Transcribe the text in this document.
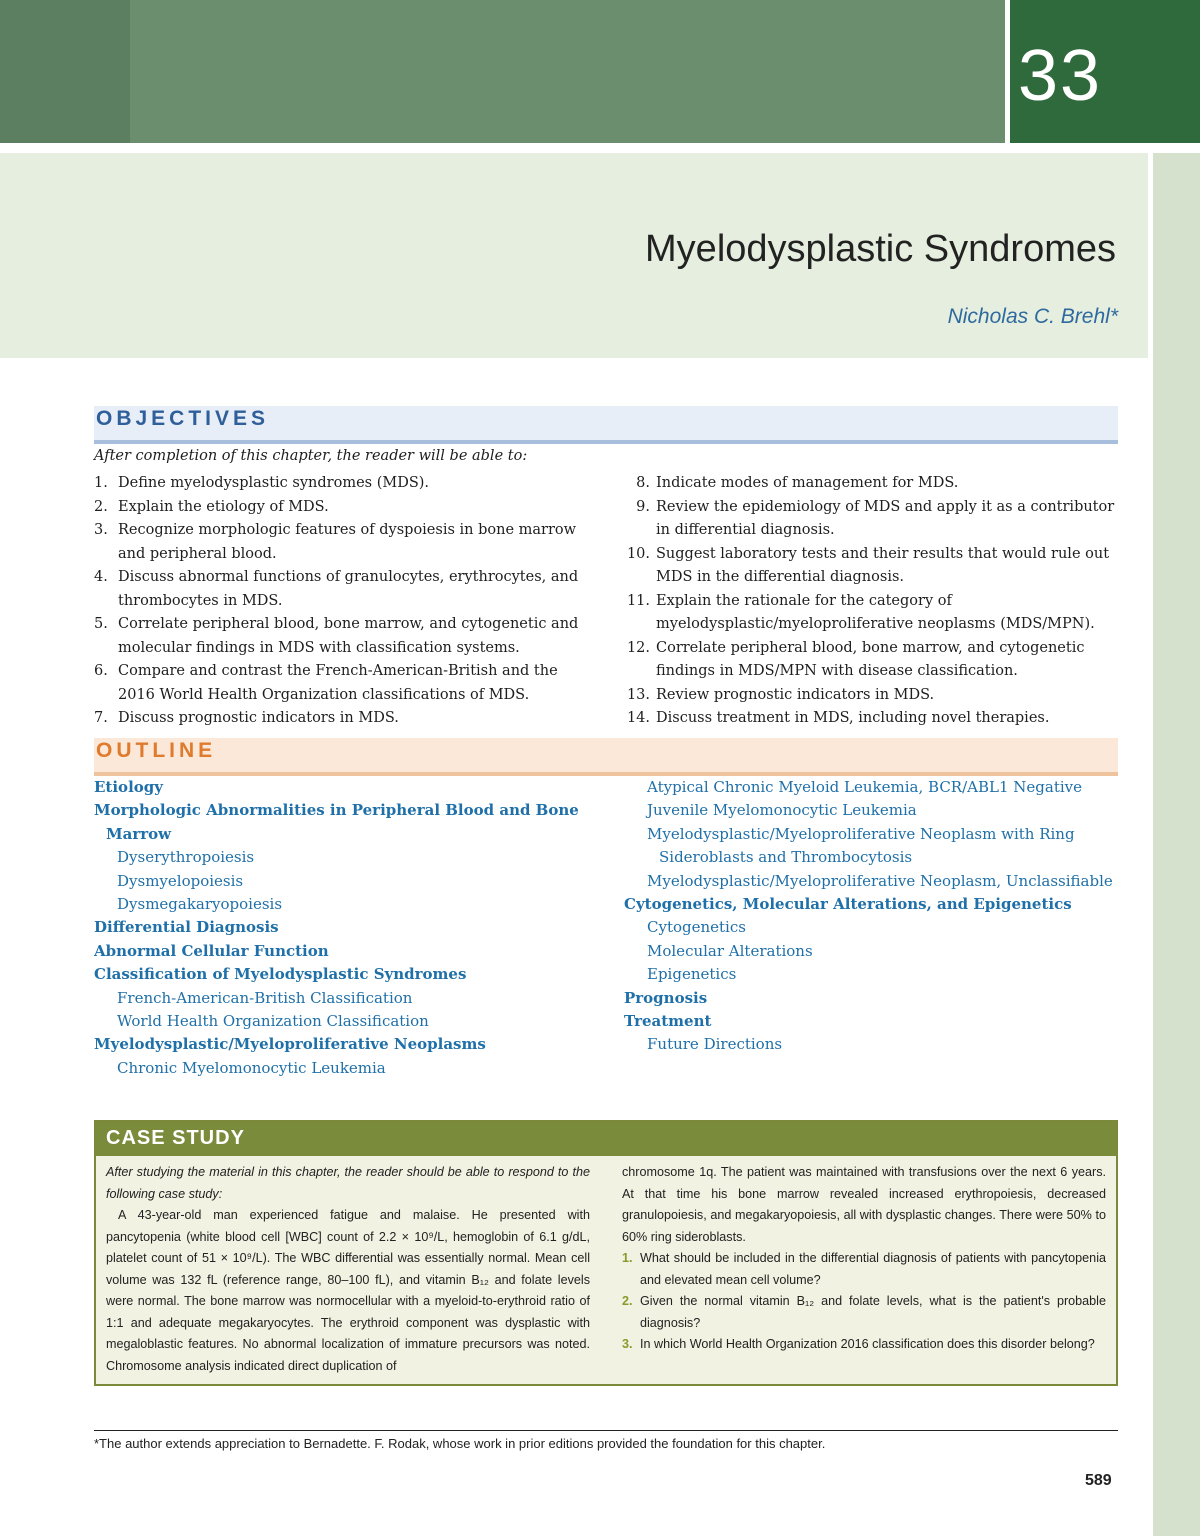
33
Myelodysplastic Syndromes
Nicholas C. Brehl*
OBJECTIVES
After completion of this chapter, the reader will be able to:
1. Define myelodysplastic syndromes (MDS).
2. Explain the etiology of MDS.
3. Recognize morphologic features of dyspoiesis in bone marrow and peripheral blood.
4. Discuss abnormal functions of granulocytes, erythrocytes, and thrombocytes in MDS.
5. Correlate peripheral blood, bone marrow, and cytogenetic and molecular findings in MDS with classification systems.
6. Compare and contrast the French-American-British and the 2016 World Health Organization classifications of MDS.
7. Discuss prognostic indicators in MDS.
8. Indicate modes of management for MDS.
9. Review the epidemiology of MDS and apply it as a contributor in differential diagnosis.
10. Suggest laboratory tests and their results that would rule out MDS in the differential diagnosis.
11. Explain the rationale for the category of myelodysplastic/myeloproliferative neoplasms (MDS/MPN).
12. Correlate peripheral blood, bone marrow, and cytogenetic findings in MDS/MPN with disease classification.
13. Review prognostic indicators in MDS.
14. Discuss treatment in MDS, including novel therapies.
OUTLINE
Etiology
Morphologic Abnormalities in Peripheral Blood and Bone
Marrow
Dyserythropoiesis
Dysmyelopoiesis
Dysmegakaryopoiesis
Differential Diagnosis
Abnormal Cellular Function
Classification of Myelodysplastic Syndromes
French-American-British Classification
World Health Organization Classification
Myelodysplastic/Myeloproliferative Neoplasms
Chronic Myelomonocytic Leukemia
Atypical Chronic Myeloid Leukemia, BCR/ABL1 Negative
Juvenile Myelomonocytic Leukemia
Myelodysplastic/Myeloproliferative Neoplasm with Ring
Sideroblasts and Thrombocytosis
Myelodysplastic/Myeloproliferative Neoplasm, Unclassifiable
Cytogenetics, Molecular Alterations, and Epigenetics
Cytogenetics
Molecular Alterations
Epigenetics
Prognosis
Treatment
Future Directions
CASE STUDY

After studying the material in this chapter, the reader should be able to respond to the following case study:

A 43-year-old man experienced fatigue and malaise. He presented with pancytopenia (white blood cell [WBC] count of 2.2 × 10⁹/L, hemoglobin of 6.1 g/dL, platelet count of 51 × 10⁹/L). The WBC differential was essentially normal. Mean cell volume was 132 fL (reference range, 80–100 fL), and vitamin B₁₂ and folate levels were normal. The bone marrow was normocellular with a myeloid-to-erythroid ratio of 1:1 and adequate megakaryocytes. The erythroid component was dysplastic with megaloblastic features. No abnormal localization of immature precursors was noted. Chromosome analysis indicated direct duplication of

chromosome 1q. The patient was maintained with transfusions over the next 6 years. At that time his bone marrow revealed increased erythropoiesis, decreased granulopoiesis, and megakaryopoiesis, all with dysplastic changes. There were 50% to 60% ring sideroblasts.

1. What should be included in the differential diagnosis of patients with pancytopenia and elevated mean cell volume?

2. Given the normal vitamin B₁₂ and folate levels, what is the patient's probable diagnosis?

3. In which World Health Organization 2016 classification does this disorder belong?

*The author extends appreciation to Bernadette. F. Rodak, whose work in prior editions provided the foundation for this chapter.
589
